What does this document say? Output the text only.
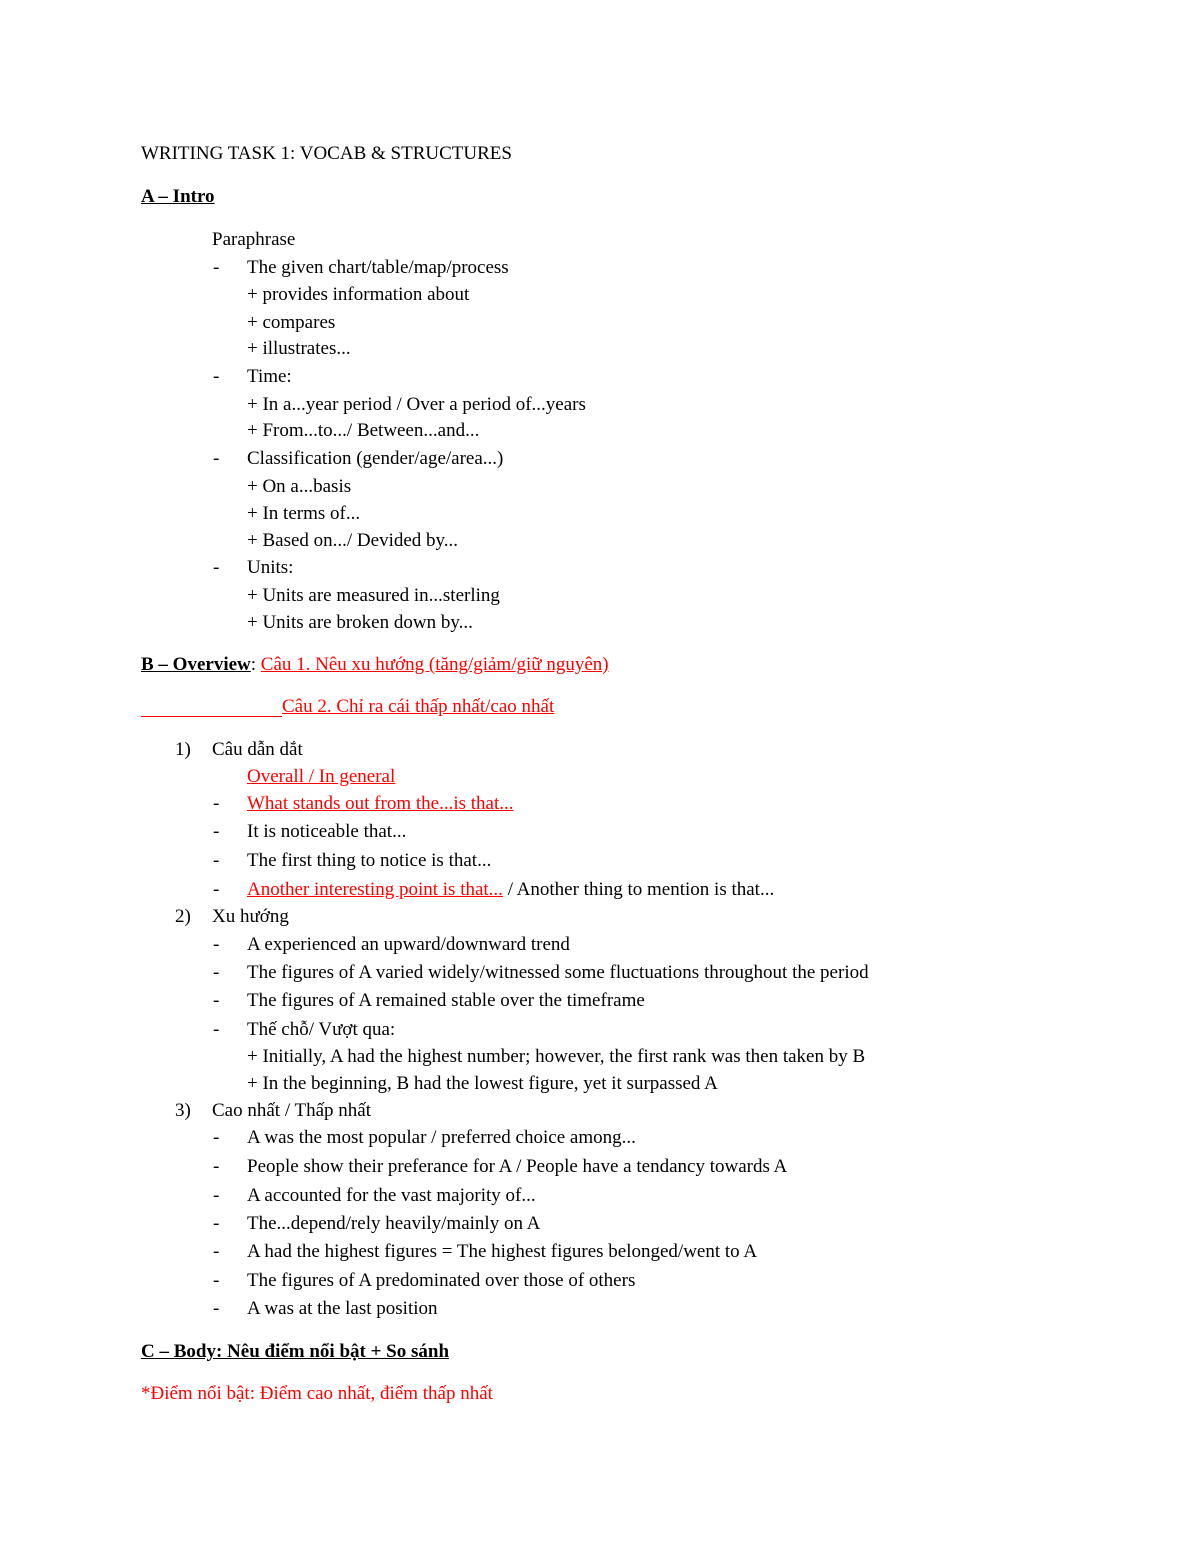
WRITING TASK 1: VOCAB & STRUCTURES
A – Intro
Paraphrase
- The given chart/table/map/process
+ provides information about
+ compares
+ illustrates...
- Time:
+ In a...year period / Over a period of...years
+ From...to.../ Between...and...
- Classification (gender/age/area...)
+ On a...basis
+ In terms of...
+ Based on.../ Devided by...
- Units:
+ Units are measured in...sterling
+ Units are broken down by...
B – Overview: Câu 1. Nêu xu hướng (tăng/giảm/giữ nguyên)
Câu 2. Chỉ ra cái thấp nhất/cao nhất
1) Câu dẫn dắt
Overall / In general
- What stands out from the...is that...
- It is noticeable that...
- The first thing to notice is that...
- Another interesting point is that... / Another thing to mention is that...
2) Xu hướng
- A experienced an upward/downward trend
- The figures of A varied widely/witnessed some fluctuations throughout the period
- The figures of A remained stable over the timeframe
- Thế chỗ/ Vượt qua:
+ Initially, A had the highest number; however, the first rank was then taken by B
+ In the beginning, B had the lowest figure, yet it surpassed A
3) Cao nhất / Thấp nhất
- A was the most popular / preferred choice among...
- People show their preferance for A / People have a tendancy towards A
- A accounted for the vast majority of...
- The...depend/rely heavily/mainly on A
- A had the highest figures = The highest figures belonged/went to A
- The figures of A predominated over those of others
- A was at the last position
C – Body: Nêu điểm nổi bật + So sánh
*Điểm nổi bật: Điểm cao nhất, điểm thấp nhất
